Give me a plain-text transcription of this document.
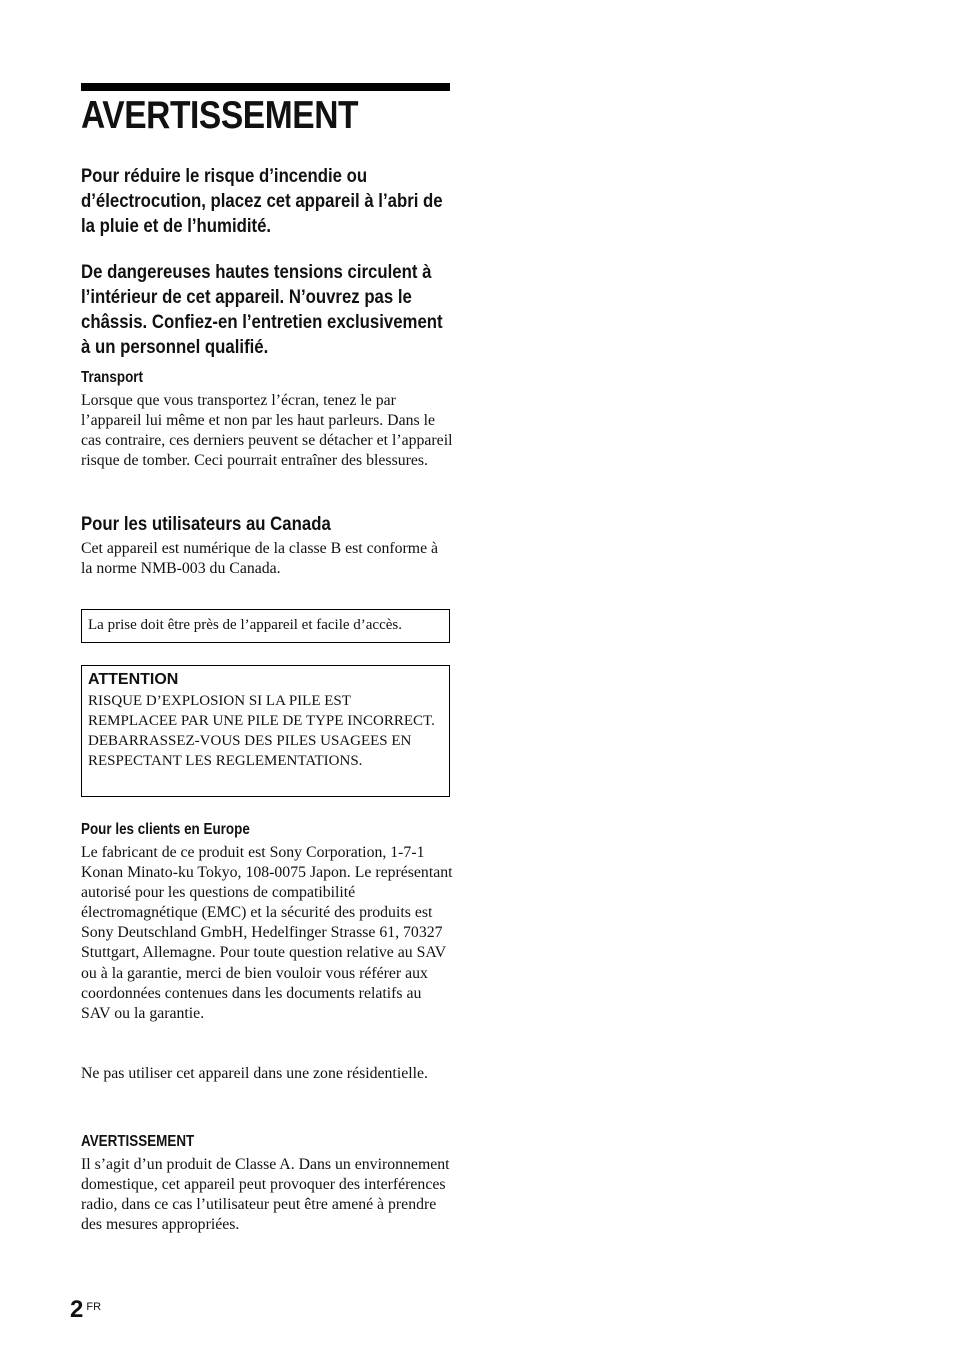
AVERTISSEMENT

Pour réduire le risque d’incendie ou d’électrocution, placez cet appareil à l’abri de la pluie et de l’humidité.

De dangereuses hautes tensions circulent à l’intérieur de cet appareil. N’ouvrez pas le châssis. Confiez-en l’entretien exclusivement à un personnel qualifié.

Transport

Lorsque que vous transportez l’écran, tenez le par l’appareil lui même et non par les haut parleurs. Dans le cas contraire, ces derniers peuvent se détacher et l’appareil risque de tomber. Ceci pourrait entraîner des blessures.

Pour les utilisateurs au Canada

Cet appareil est numérique de la classe B est conforme à la norme NMB-003 du Canada.

La prise doit être près de l’appareil et facile d’accès.

ATTENTION

RISQUE D’EXPLOSION SI LA PILE EST REMPLACEE PAR UNE PILE DE TYPE INCORRECT. DEBARRASSEZ-VOUS DES PILES USAGEES EN RESPECTANT LES REGLEMENTATIONS.
Pour les clients en Europe

Le fabricant de ce produit est Sony Corporation, 1-7-1 Konan Minato-ku Tokyo, 108-0075 Japon. Le représentant autorisé pour les questions de compatibilité électromagnétique (EMC) et la sécurité des produits est Sony Deutschland GmbH, Hedelfinger Strasse 61, 70327 Stuttgart, Allemagne. Pour toute question relative au SAV ou à la garantie, merci de bien vouloir vous référer aux coordonnées contenues dans les documents relatifs au SAV ou la garantie.

Ne pas utiliser cet appareil dans une zone résidentielle.

AVERTISSEMENT

Il s’agit d’un produit de Classe A. Dans un environnement domestique, cet appareil peut provoquer des interférences radio, dans ce cas l’utilisateur peut être amené à prendre des mesures appropriées.

2 $^{FR}$
